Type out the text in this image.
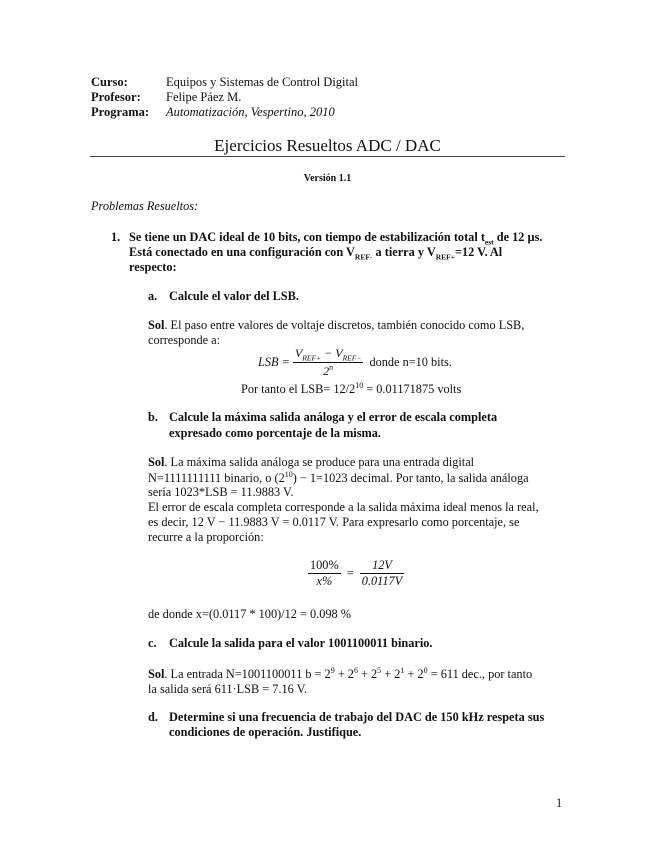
Curso:	Equipos y Sistemas de Control Digital
Profesor: Felipe Páez M.
Programa: Automatización, Vespertino, 2010
Ejercicios Resueltos ADC / DAC
Versión 1.1
Problemas Resueltos:
1. Se tiene un DAC ideal de 10 bits, con tiempo de estabilización total $t_{est}$ de 12 µs.
Está conectado en una configuración con $V_{REF-}$ a tierra y $V_{REF+}=12$ V. Al
respecto:
a. Calcule el valor del LSB.
Sol. El paso entre valores de voltaje discretos, también conocido como LSB,
corresponde a:
LSB = $\frac{V_{REF+} - V_{REF-}}{2^n}$ donde n=10 bits.
Por tanto el $LSB= 12/2^{10} = 0.01171875$ volts
b. Calcule la máxima salida análoga y el error de escala completa
expresado como porcentaje de la misma.
Sol. La máxima salida análoga se produce para una entrada digital
N=1111111111 binario, o $(2^{10}) - 1=1023$ decimal. Por tanto, la salida análoga
sería 1023*LSB = 11.9883 V.
El error de escala completa corresponde a la salida máxima ideal menos la real,
es decir, 12 V − 11.9883 V = 0.0117 V. Para expresarlo como porcentaje, se
recurre a la proporción:
$\frac{100\%}{x\%} = \frac{12V}{0.0117V}$
de donde x=(0.0117 * 100)/12 = 0.098 %
c. Calcule la salida para el valor 1001100011 binario.
Sol. La entrada N=1001100011 $b = 2^9 + 2^6 + 2^5 + 2^1 + 2^0 = 611$ dec., por tanto
la salida será 611·LSB = 7.16 V.
d. Determine si una frecuencia de trabajo del DAC de 150 kHz respeta sus
condiciones de operación. Justifique.
1
